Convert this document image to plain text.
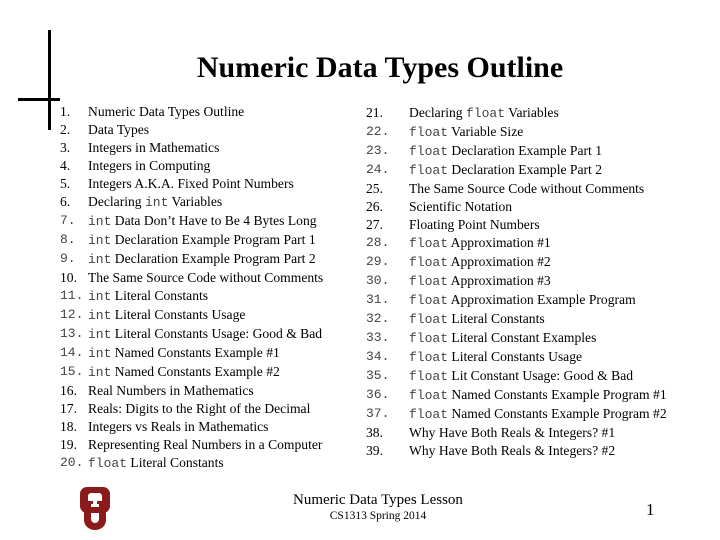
Numeric Data Types Outline
1.	Numeric Data Types Outline
2.	Data Types
3.	Integers in Mathematics
4.	Integers in Computing
5.	Integers A.K.A. Fixed Point Numbers
6.	Declaring int Variables
7. int Data Don’t Have to Be 4 Bytes Long
8. int Declaration Example Program Part 1
9. int Declaration Example Program Part 2
10. The Same Source Code without Comments
11. int Literal Constants
12. int Literal Constants Usage
13. int Literal Constants Usage: Good & Bad
14. int Named Constants Example #1
15. int Named Constants Example #2
16. Real Numbers in Mathematics
17. Reals: Digits to the Right of the Decimal
18. Integers vs Reals in Mathematics
19. Representing Real Numbers in a Computer
20. float Literal Constants
21.	Declaring float Variables
22.	float Variable Size
23.	float Declaration Example Part 1
24.	float Declaration Example Part 2
25.	The Same Source Code without Comments
26.	Scientific Notation
27.	Floating Point Numbers
28.	float Approximation #1
29.	float Approximation #2
30.	float Approximation #3
31.	float Approximation Example Program
32.	float Literal Constants
33.	float Literal Constant Examples
34.	float Literal Constants Usage
35.	float Lit Constant Usage: Good & Bad
36.	float Named Constants Example Program #1
37.	float Named Constants Example Program #2
38.	Why Have Both Reals & Integers? #1
39.	Why Have Both Reals & Integers? #2
Numeric Data Types Lesson
CS1313 Spring 2014	1
